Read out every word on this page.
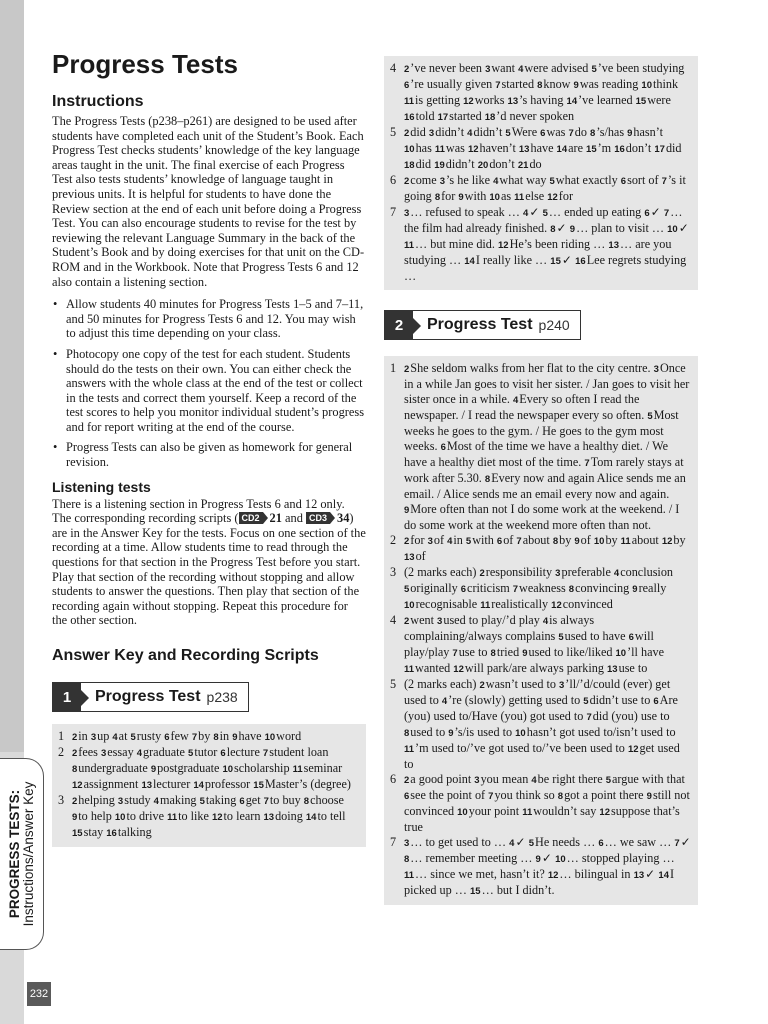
PROGRESS TESTS: Instructions/Answer Key
232
Progress Tests
Instructions

The Progress Tests (p238–p261) are designed to be used after students have completed each unit of the Student’s Book. Each Progress Test checks students’ knowledge of the key language areas taught in the unit. The final exercise of each Progress Test also tests students’ knowledge of language taught in previous units. It is helpful for students to have done the Review section at the end of each unit before doing a Progress Test. You can also encourage students to revise for the test by reviewing the relevant Language Summary in the back of the Student’s Book and by doing exercises for that unit on the CD-ROM and in the Workbook. Note that Progress Tests 6 and 12 also contain a listening section.

• Allow students 40 minutes for Progress Tests 1–5 and 7–11, and 50 minutes for Progress Tests 6 and 12. You may wish to adjust this time depending on your class.
• Photocopy one copy of the test for each student. Students should do the tests on their own. You can either check the answers with the whole class at the end of the test or collect in the tests and correct them yourself. Keep a record of the test scores to help you monitor individual student’s progress and for report writing at the end of the course.
• Progress Tests can also be given as homework for general revision.
Listening tests

There is a listening section in Progress Tests 6 and 12 only. The corresponding recording scripts ( CD2 21 and CD3 34) are in the Answer Key for the tests. Focus on one section of the recording at a time. Allow students time to read through the questions for that section in the Progress Test before you start. Play that section of the recording without stopping and allow students to answer the questions. Then play that section of the recording again without stopping. Repeat this procedure for the other section.

Answer Key and Recording Scripts
1	Progress Test p238
1 2in 3up 4at 5rusty 6few 7by 8in 9have 10word
2 2fees 3essay 4graduate 5tutor 6lecture 7student loan 8undergraduate 9postgraduate 10scholarship 11seminar 12assignment 13lecturer 14professor 15Master’s (degree)
3 2helping 3study 4making 5taking 6get 7to buy 8choose 9to help 10to drive 11to like 12to learn 13doing 14to tell 15stay 16talking
4 2’ve never been 3want 4were advised 5’ve been studying 6’re usually given 7started 8know 9was reading 10think 11is getting 12works 13’s having 14’ve learned 15were 16told 17started 18’d never spoken
5 2did 3didn’t 4didn’t 5Were 6was 7do 8’s/has 9hasn’t 10has 11was 12haven’t 13have 14are 15’m 16don’t 17did 18did 19didn’t 20don’t 21do
6 2come 3’s he like 4what way 5what exactly 6sort of 7’s it going 8for 9with 10as 11else 12for
7 3… refused to speak … 4✓ 5… ended up eating 6✓ 7… the film had already finished. 8✓ 9… plan to visit … 10✓ 11… but mine did. 12He’s been riding … 13… are you studying … 14I really like … 15✓ 16Lee regrets studying …
2	Progress Test p240
1 2She seldom walks from her flat to the city centre. 3Once in a while Jan goes to visit her sister. / Jan goes to visit her sister once in a while. 4Every so often I read the newspaper. / I read the newspaper every so often. 5Most weeks he goes to the gym. / He goes to the gym most weeks. 6Most of the time we have a healthy diet. / We have a healthy diet most of the time. 7Tom rarely stays at work after 5.30. 8Every now and again Alice sends me an email. / Alice sends me an email every now and again. 9More often than not I do some work at the weekend. / I do some work at the weekend more often than not.
2 2for 3of 4in 5with 6of 7about 8by 9of 10by 11about 12by 13of
3 (2 marks each) 2responsibility 3preferable 4conclusion 5originally 6criticism 7weakness 8convincing 9really 10recognisable 11realistically 12convinced
4 2went 3used to play/’d play 4is always complaining/always complains 5used to have 6will play/play 7use to 8tried 9used to like/liked 10’ll have 11wanted 12will park/are always parking 13use to
5 (2 marks each) 2wasn’t used to 3’ll/’d/could (ever) get used to 4’re (slowly) getting used to 5didn’t use to 6Are (you) used to/Have (you) got used to 7did (you) use to 8used to 9’s/is used to 10hasn’t got used to/isn’t used to 11’m used to/’ve got used to/’ve been used to 12get used to
6 2a good point 3you mean 4be right there 5argue with that 6see the point of 7you think so 8got a point there 9still not convinced 10your point 11wouldn’t say 12suppose that’s true
7 3… to get used to … 4✓ 5He needs … 6… we saw … 7✓ 8… remember meeting … 9✓ 10… stopped playing … 11… since we met, hasn’t it? 12… bilingual in 13✓ 14I picked up … 15… but I didn’t.
